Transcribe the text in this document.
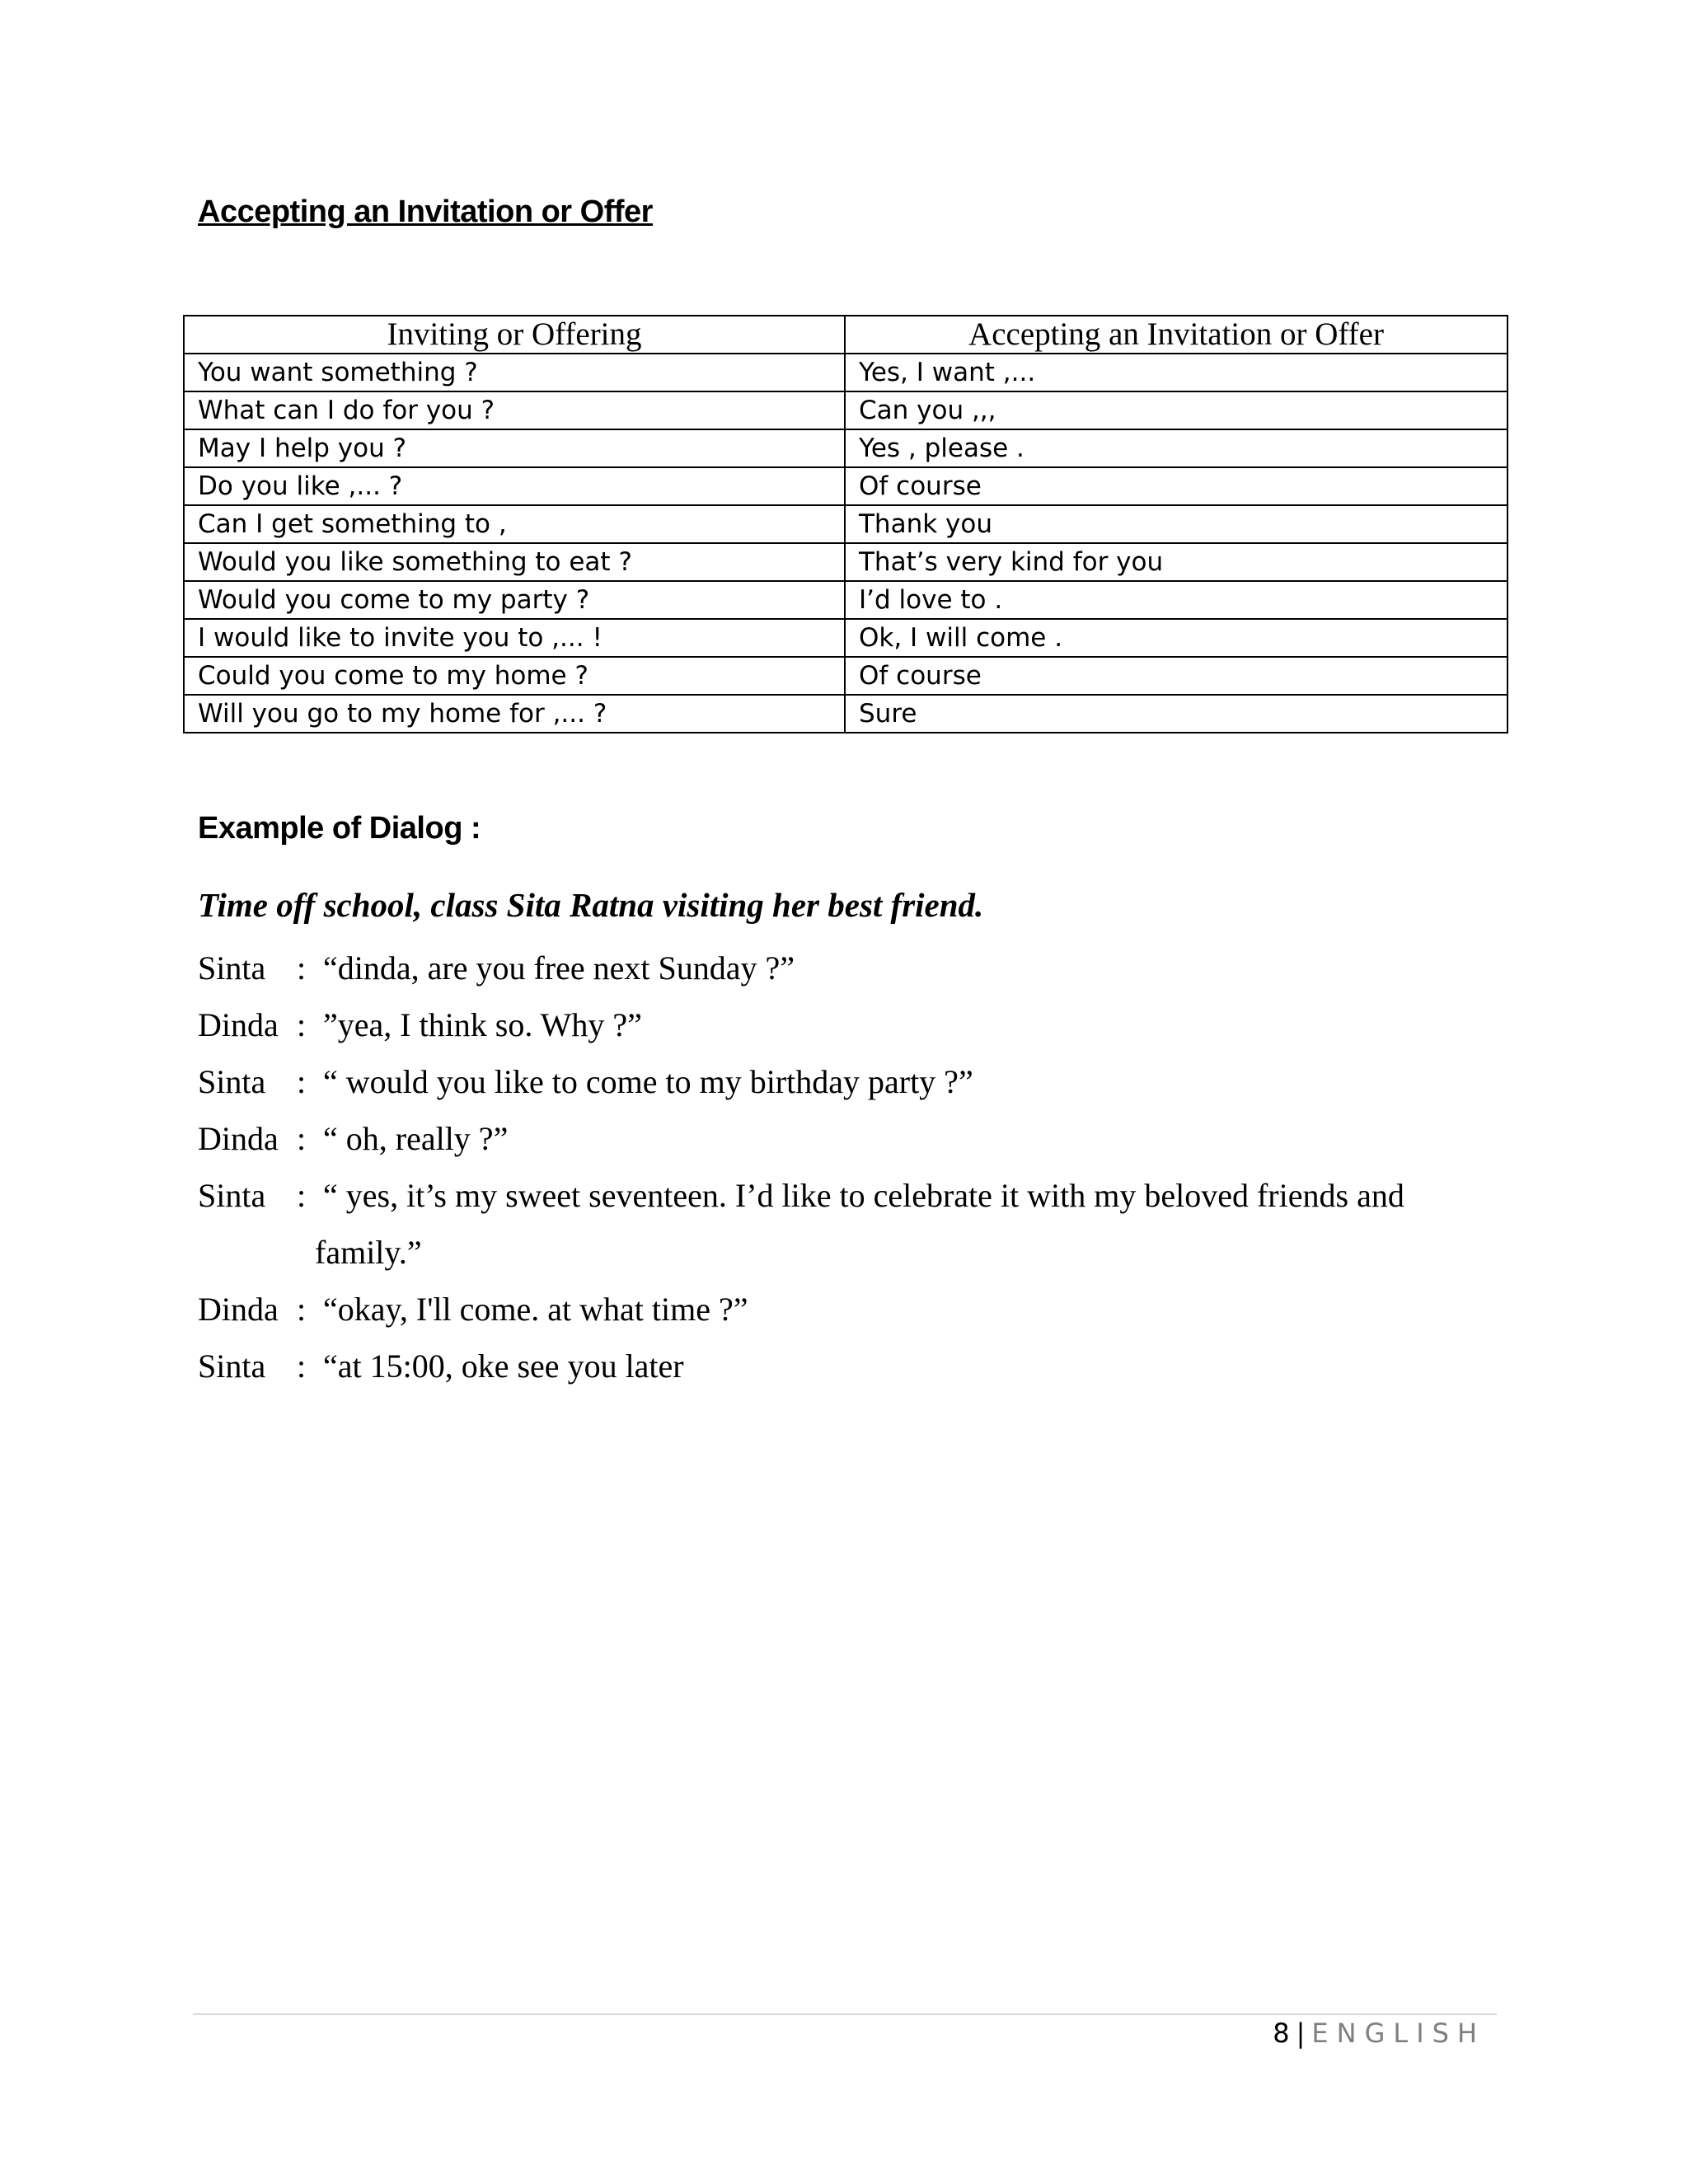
Accepting an Invitation or Offer
Inviting or Offering	Accepting an Invitation or Offer
You want something ?	Yes, I want ,...
What can I do for you ?	Can you ,,,
May I help you ?	Yes , please .
Do you like ,... ?	Of course
Can I get something to ,	Thank you
Would you like something to eat ?	That’s very kind for you
Would you come to my party ?	I’d love to .
I would like to invite you to ,... !	Ok, I will come .
Could you come to my home ?	Of course
Will you go to my home for ,... ?	Sure
Example of Dialog :
Time off school, class Sita Ratna visiting her best friend.
Sinta : “dinda, are you free next Sunday ?”
Dinda : ”yea, I think so. Why ?”
Sinta : “ would you like to come to my birthday party ?”
Dinda : “ oh, really ?”
Sinta : “ yes, it’s my sweet seventeen. I’d like to celebrate it with my beloved friends and
family.”
Dinda : “okay, I'll come. at what time ?”
Sinta : “at 15:00, oke see you later
8 | ENGLISH
